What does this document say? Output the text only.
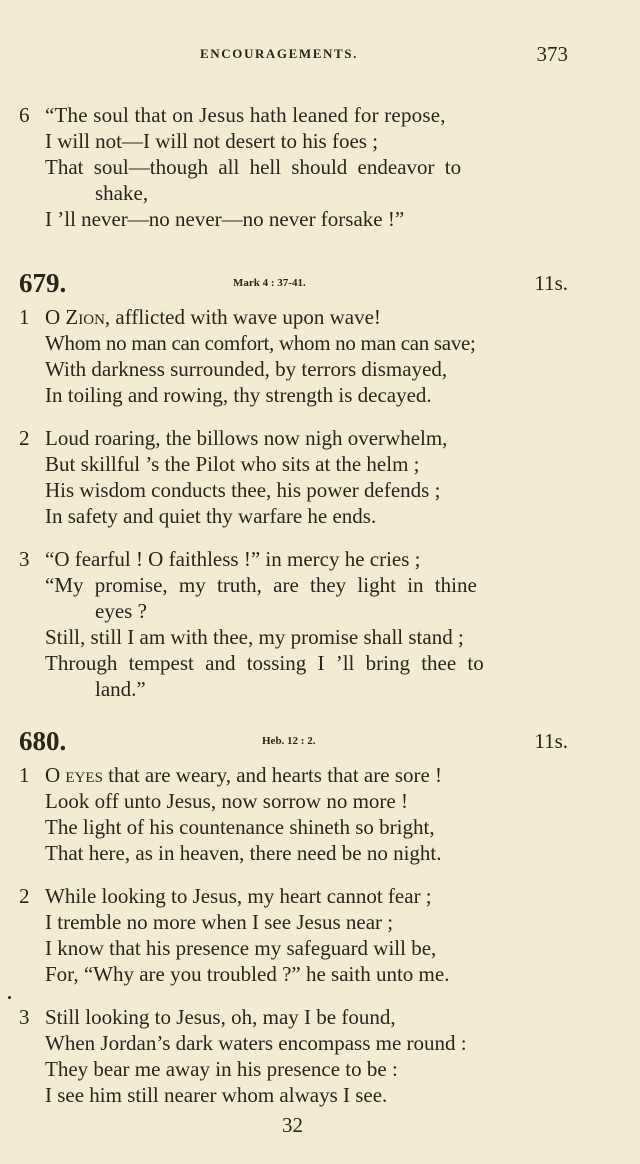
ENCOURAGEMENTS.	373
6 “The soul that on Jesus hath leaned for repose,
I will not—I will not desert to his foes ;
That soul—though all hell should endeavor to
shake,
I ’ll never—no never—no never forsake !”
679.	Mark 4 : 37-41.	11s.
1 O Zion, afflicted with wave upon wave!
Whom no man can comfort, whom no man can save;
With darkness surrounded, by terrors dismayed,
In toiling and rowing, thy strength is decayed.
2 Loud roaring, the billows now nigh overwhelm,
But skillful ’s the Pilot who sits at the helm ;
His wisdom conducts thee, his power defends ;
In safety and quiet thy warfare he ends.
3 “O fearful ! O faithless !” in mercy he cries ;
“My promise, my truth, are they light in thine
eyes ?
Still, still I am with thee, my promise shall stand ;
Through tempest and tossing I ’ll bring thee to
land.”
680.	Heb. 12 : 2.	11s.
1 O eyes that are weary, and hearts that are sore !
Look off unto Jesus, now sorrow no more !
The light of his countenance shineth so bright,
That here, as in heaven, there need be no night.
2 While looking to Jesus, my heart cannot fear ;
I tremble no more when I see Jesus near ;
I know that his presence my safeguard will be,
For, “Why are you troubled ?” he saith unto me.
3 Still looking to Jesus, oh, may I be found,
When Jordan’s dark waters encompass me round :
They bear me away in his presence to be :
I see him still nearer whom always I see.
32
